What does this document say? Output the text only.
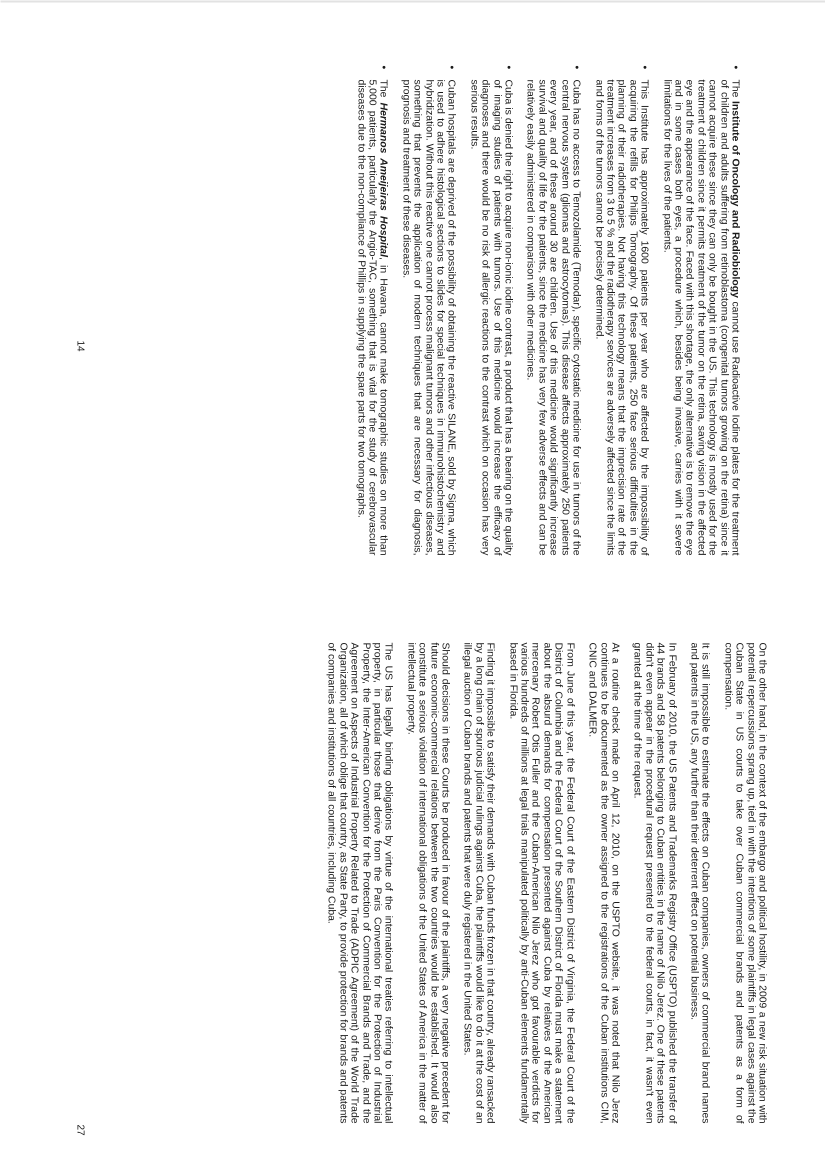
•
The Institute of Oncology and Radiobiology cannot use Radioactive Iodine plates for the treatment of children and adults suffering from retinoblastoma (congenital tumors growing on the retina) since it cannot acquire these since they can only be bought in the US. This technology is mostly used for the treatment of children since it permits treatment of the tumor on the retina, saving vision in the affected eye and the appearance of the face. Faced with this shortage, the only alternative is to remove the eye and in some cases both eyes, a procedure which, besides being invasive, carries with it severe limitations for the lives of the patients.
•
This Institute has approximately 1600 patients per year who are affected by the impossibility of acquiring the refills for Philips Tomography. Of these patients, 250 face serious difficulties in the planning of their radiotherapies. Not having this technology means that the imprecision rate of the treatment increases from 3 to 5 % and the radiotherapy services are adversely affected since the limits and forms of the tumors cannot be precisely determined.
•
Cuba has no access to Temozolamide (Temodar), specific cytostatic medicine for use in tumors of the central nervous system (gliomas and astrocytomas). This disease affects approximately 250 patients every year, and of these around 30 are children. Use of this medicine would significantly increase survival and quality of life for the patients, since the medicine has very few adverse effects and can be relatively easily administered in comparison with other medicines.
•
Cuba is denied the right to acquire non-ionic iodine contrast, a product that has a bearing on the quality of imaging studies of patients with tumors. Use of this medicine would increase the efficacy of diagnoses and there would be no risk of allergic reactions to the contrast which on occasion has very serious results.
•
Cuban hospitals are deprived of the possibility of obtaining the reactive SILANE, sold by Sigma, which is used to adhere histological sections to slides for special techniques in immunohistochemistry and hybridization. Without this reactive one cannot process malignant tumors and other infectious diseases, something that prevents the application of modern techniques that are necessary for diagnosis, prognosis and treatment of these diseases.
•
The Hermanos Ameijeiras Hospital, in Havana, cannot make tomographic studies on more than 5,000 patients, particularly the Angio-TAC, something that is vital for the study of cerebrovascular diseases due to the non-compliance of Phillips in supplying the spare parts for two tomographs.
14

On the other hand, in the context of the embargo and political hostility, in 2009 a new risk situation with potential repercussions sprang up, tied in with the intentions of some plaintiffs in legal cases against the Cuban State in US courts to take over Cuban commercial brands and patents as a form of compensation.

It is still impossible to estimate the effects on Cuban companies, owners of commercial brand names and patents in the US, any further than their deterrent effect on potential business.

In February of 2010, the US Patents and Trademarks Registry Office (USPTO) published the transfer of 44 brands and 58 patents belonging to Cuban entities in the name of Nilo Jerez. One of these patents didn't even appear in the procedural request presented to the federal courts, in fact, it wasn't even granted at the time of the request.

At a routine check made on April 12, 2010, on the USPTO website, it was noted that Nilo Jerez continues to be documented as the owner assigned to the registrations of the Cuban institutions CIM, CNIC and DALMER.

From June of this year, the Federal Court of the Eastern District of Virginia, the Federal Court of the District of Columbia and the Federal Court of the Southern District of Florida must make a statement about the absurd demands for compensation presented against Cuba by relatives of the American mercenary Robert Otis Fuller and the Cuban-American Nilo Jerez who got favourable verdicts for various hundreds of millions at legal trials manipulated politically by anti-Cuban elements fundamentally based in Florida.

Finding it impossible to satisfy their demands with Cuban funds frozen in that country, already ransacked by a long chain of spurious judicial rulings against Cuba, the plaintiffs would like to do it at the cost of an illegal auction of Cuban brands and patents that were duly registered in the United States.

Should decisions in these Courts be produced in favour of the plaintiffs, a very negative precedent for future economic-commercial relations between the two countries would be established. It would also constitute a serious violation of international obligations of the United States of America in the matter of intellectual property.

The US has legally binding obligations by virtue of the international treaties referring to intellectual property, in particular those that derive from the Paris Convention for the Protection of Industrial Property, the Inter-American Convention for the Protection of Commercial Brands and Trade, and the Agreement on Aspects of Industrial Property Related to Trade (ADPIC Agreement) of the World Trade Organization, all of which oblige that country, as State Party, to provide protection for brands and patents of companies and institutions of all countries, including Cuba.

27
